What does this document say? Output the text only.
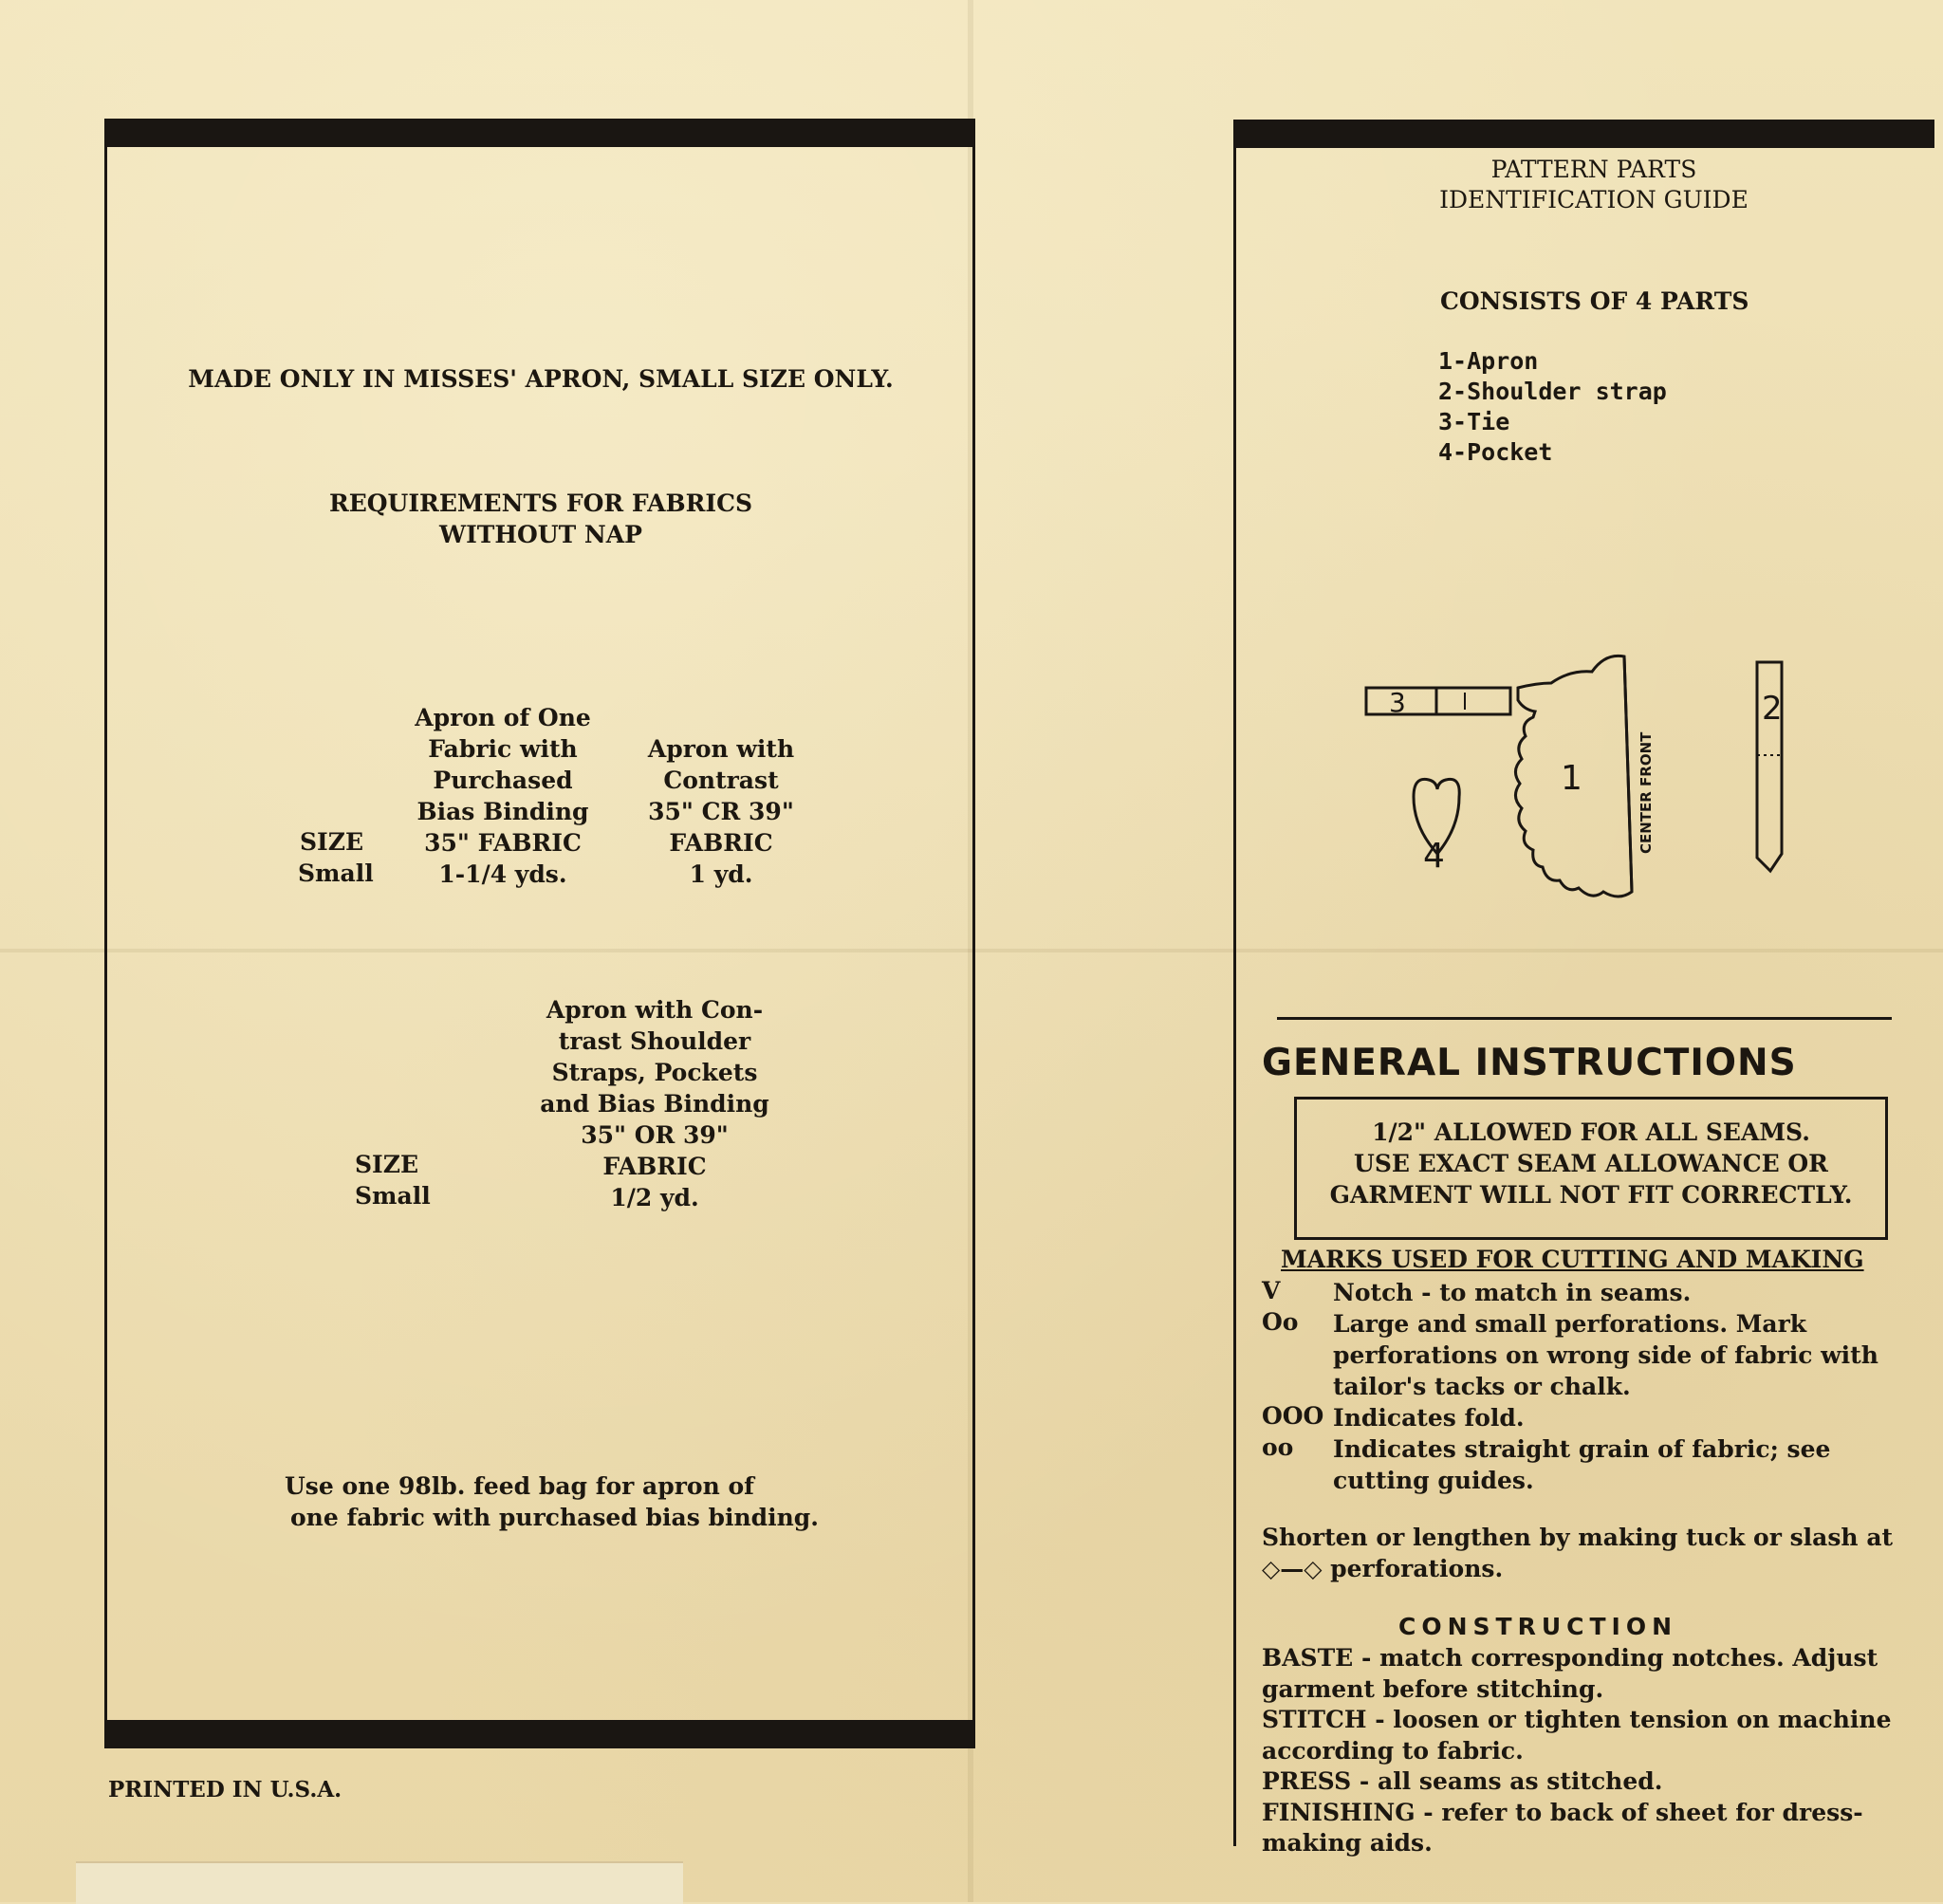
MADE ONLY IN MISSES' APRON, SMALL SIZE ONLY.
REQUIREMENTS FOR FABRICS
WITHOUT NAP
Apron of One
Fabric with
Purchased
Bias Binding
35" FABRIC
1-1/4 yds.
Apron with
Contrast
35" CR 39"
FABRIC
1 yd.
SIZE
Small
Apron with Con-
trast Shoulder
Straps, Pockets
and Bias Binding
35" OR 39"
FABRIC
1/2 yd.
SIZE
Small
Use one 98lb. feed bag for apron of
one fabric with purchased bias binding.
PRINTED IN U.S.A.
PATTERN PARTS
IDENTIFICATION GUIDE
CONSISTS OF 4 PARTS
1-Apron
2-Shoulder strap
3-Tie
4-Pocket
3
1	CENTER FRONT
2
4
GENERAL INSTRUCTIONS
1/2" ALLOWED FOR ALL SEAMS.
USE EXACT SEAM ALLOWANCE OR
GARMENT WILL NOT FIT CORRECTLY.
MARKS USED FOR CUTTING AND MAKING
V Notch - to match in seams.
Oo Large and small perforations. Mark
perforations on wrong side of fabric with
tailor's tacks or chalk.
OOO Indicates fold.
oo Indicates straight grain of fabric; see
cutting guides.
Shorten or lengthen by making tuck or slash at
◇—◇ perforations.
CONSTRUCTION
BASTE - match corresponding notches. Adjust
garment before stitching.
STITCH - loosen or tighten tension on machine
according to fabric.
PRESS - all seams as stitched.
FINISHING - refer to back of sheet for dress-
making aids.
